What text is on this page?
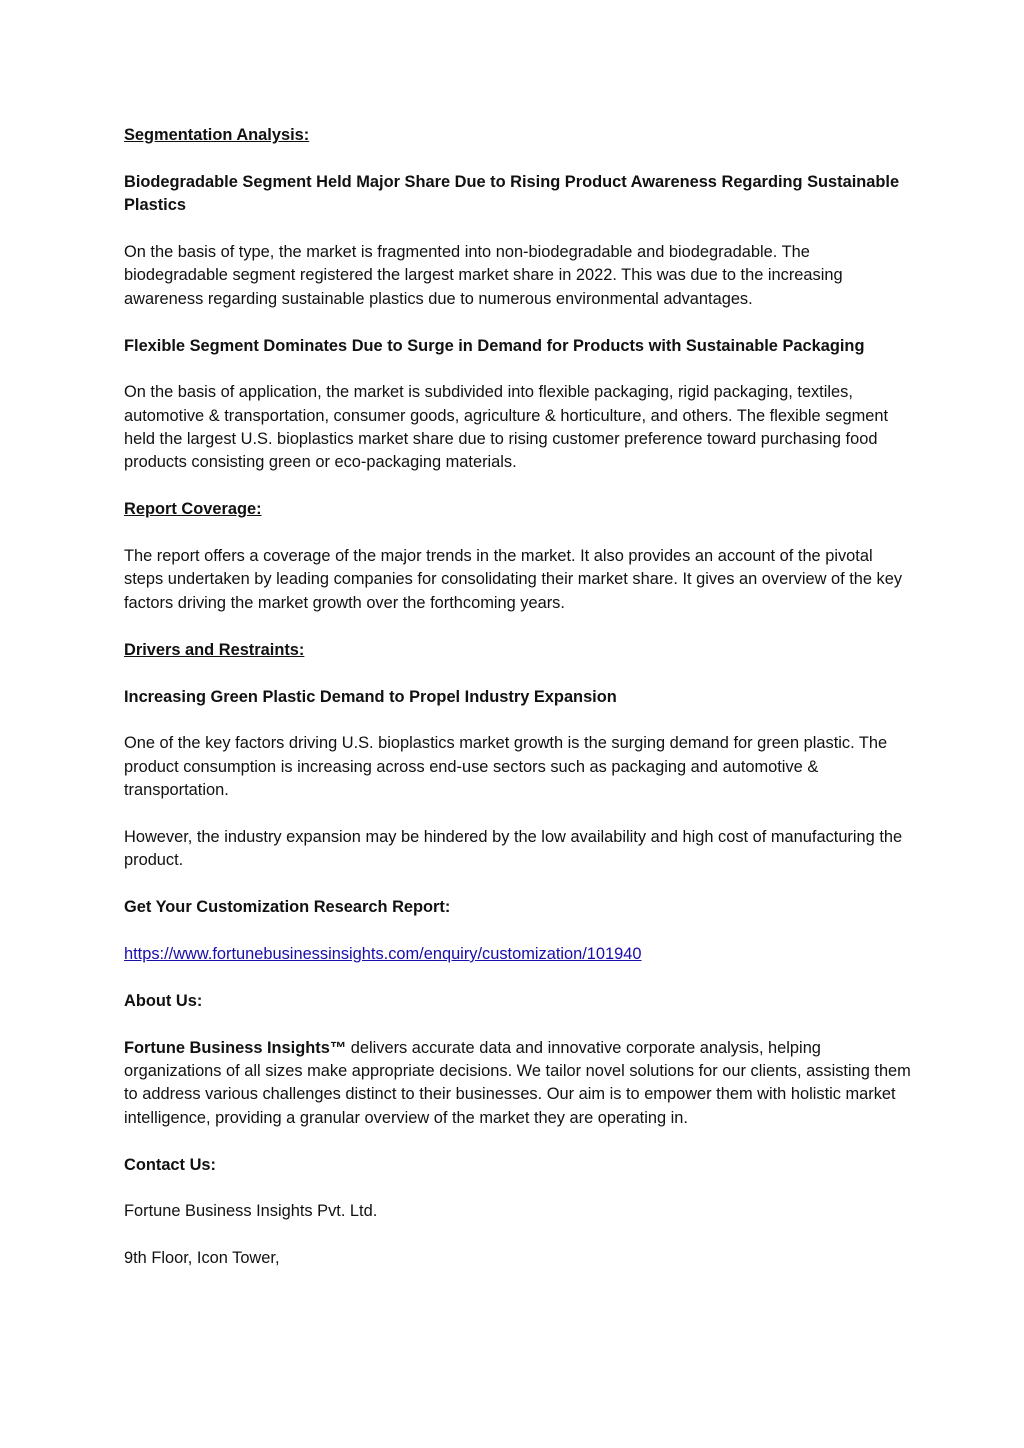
Segmentation Analysis:

Biodegradable Segment Held Major Share Due to Rising Product Awareness Regarding Sustainable Plastics

On the basis of type, the market is fragmented into non-biodegradable and biodegradable. The biodegradable segment registered the largest market share in 2022. This was due to the increasing awareness regarding sustainable plastics due to numerous environmental advantages.

Flexible Segment Dominates Due to Surge in Demand for Products with Sustainable Packaging

On the basis of application, the market is subdivided into flexible packaging, rigid packaging, textiles, automotive & transportation, consumer goods, agriculture & horticulture, and others. The flexible segment held the largest U.S. bioplastics market share due to rising customer preference toward purchasing food products consisting green or eco-packaging materials.

Report Coverage:

The report offers a coverage of the major trends in the market. It also provides an account of the pivotal steps undertaken by leading companies for consolidating their market share. It gives an overview of the key factors driving the market growth over the forthcoming years.

Drivers and Restraints:

Increasing Green Plastic Demand to Propel Industry Expansion

One of the key factors driving U.S. bioplastics market growth is the surging demand for green plastic. The product consumption is increasing across end-use sectors such as packaging and automotive & transportation.

However, the industry expansion may be hindered by the low availability and high cost of manufacturing the product.

Get Your Customization Research Report:

https://www.fortunebusinessinsights.com/enquiry/customization/101940

About Us:

Fortune Business Insights™ delivers accurate data and innovative corporate analysis, helping organizations of all sizes make appropriate decisions. We tailor novel solutions for our clients, assisting them to address various challenges distinct to their businesses. Our aim is to empower them with holistic market intelligence, providing a granular overview of the market they are operating in.

Contact Us:

Fortune Business Insights Pvt. Ltd.

9th Floor, Icon Tower,
